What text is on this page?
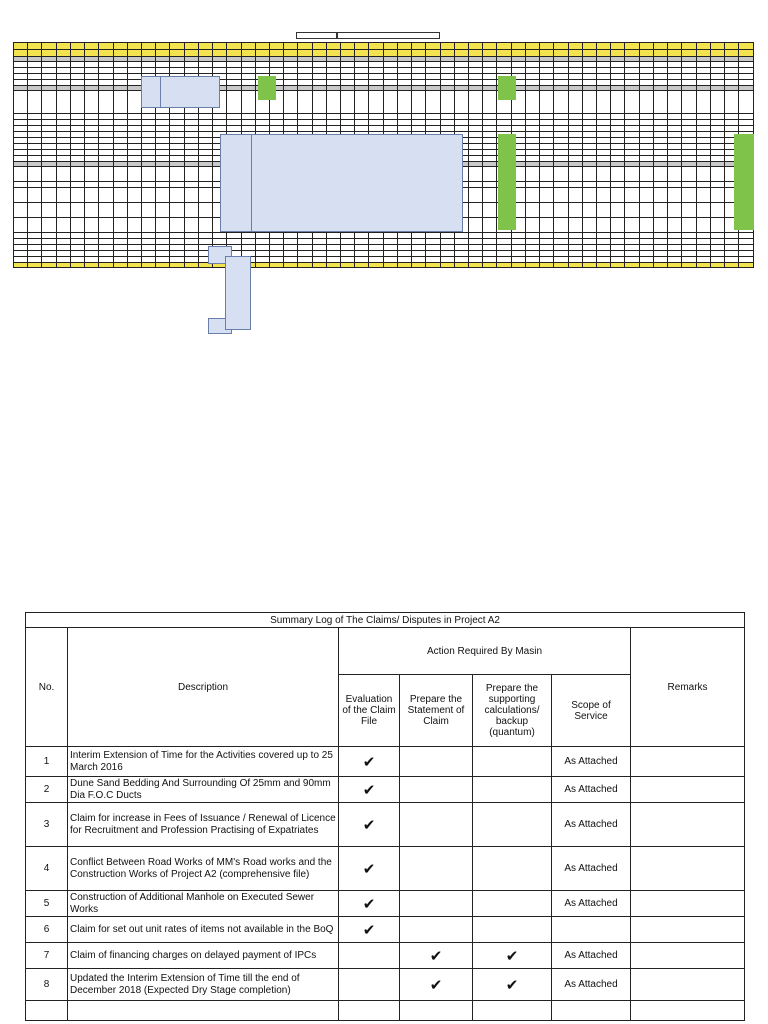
Summary Log of The Claims/ Disputes in Project A2						
No.	Description	Action Required By Masin				Remarks
		Evaluation of the Claim File	Prepare the Statement of Claim	Prepare the supporting calculations/ backup (quantum)	Scope of Service	
1	Interim Extension of Time for the Activities covered up to 25 March 2016	✔			As Attached	
2	Dune Sand Bedding And Surrounding Of 25mm and 90mm Dia F.O.C Ducts	✔			As Attached	
3	Claim for increase in Fees of Issuance / Renewal of Licence for Recruitment and Profession Practising of Expatriates	✔			As Attached	
4	Conflict Between Road Works of MM's Road works and the Construction Works of Project A2 (comprehensive file)	✔			As Attached	
5	Construction of Additional Manhole on Executed Sewer Works	✔			As Attached	
6	Claim for set out unit rates of items not available in the BoQ	✔				
7	Claim of financing charges on delayed payment of IPCs		✔	✔	As Attached	
8	Updated the Interim Extension of Time till the end of December 2018 (Expected Dry Stage completion)		✔	✔	As Attached	
